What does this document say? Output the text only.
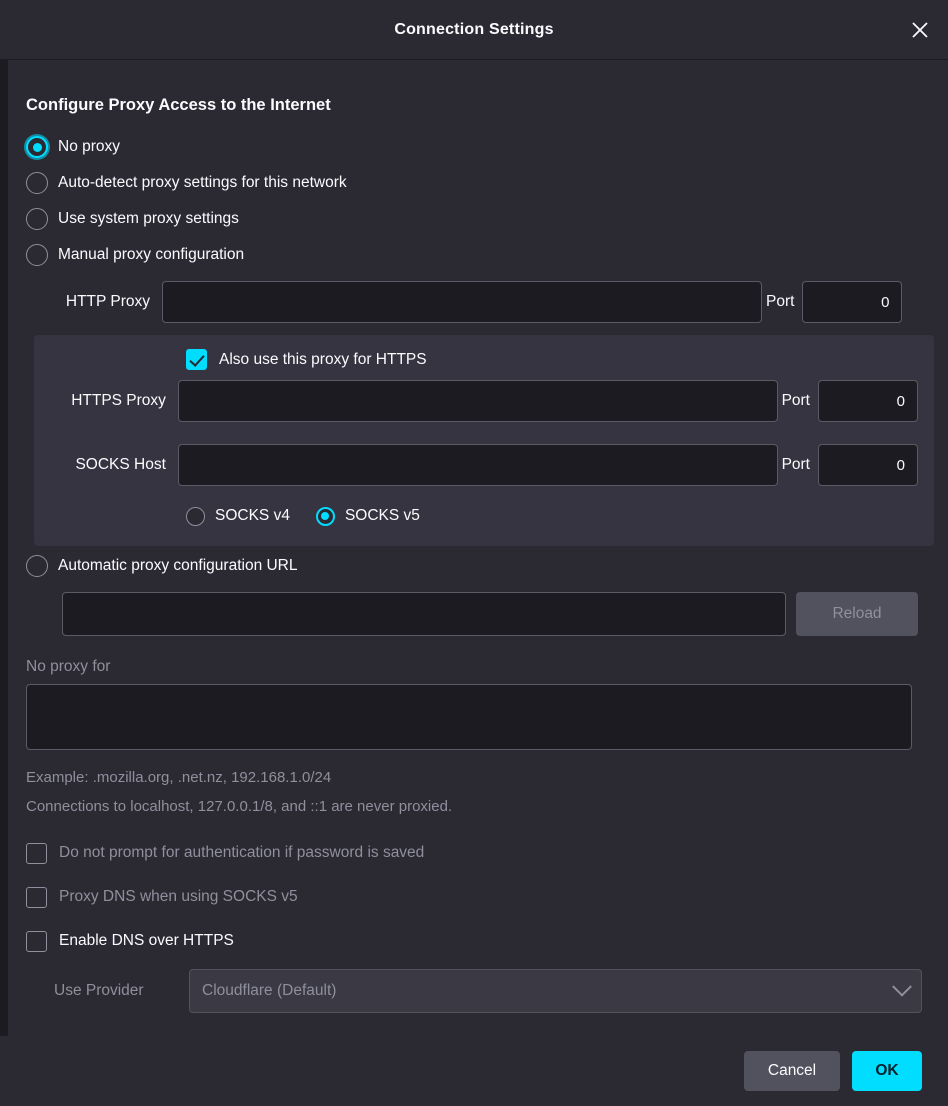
Connection Settings
Configure Proxy Access to the Internet
No proxy
Auto-detect proxy settings for this network
Use system proxy settings
Manual proxy configuration
HTTP Proxy	Port
0
Also use this proxy for HTTPS
HTTPS Proxy	Port
0
SOCKS Host	Port
0
SOCKS v4	SOCKS v5
Automatic proxy configuration URL
Reload
No proxy for
Example: .mozilla.org, .net.nz, 192.168.1.0/24
Connections to localhost, 127.0.0.1/8, and ::1 are never proxied.
Do not prompt for authentication if password is saved
Proxy DNS when using SOCKS v5
Enable DNS over HTTPS
Use Provider	Cloudflare (Default)
Cancel	OK
